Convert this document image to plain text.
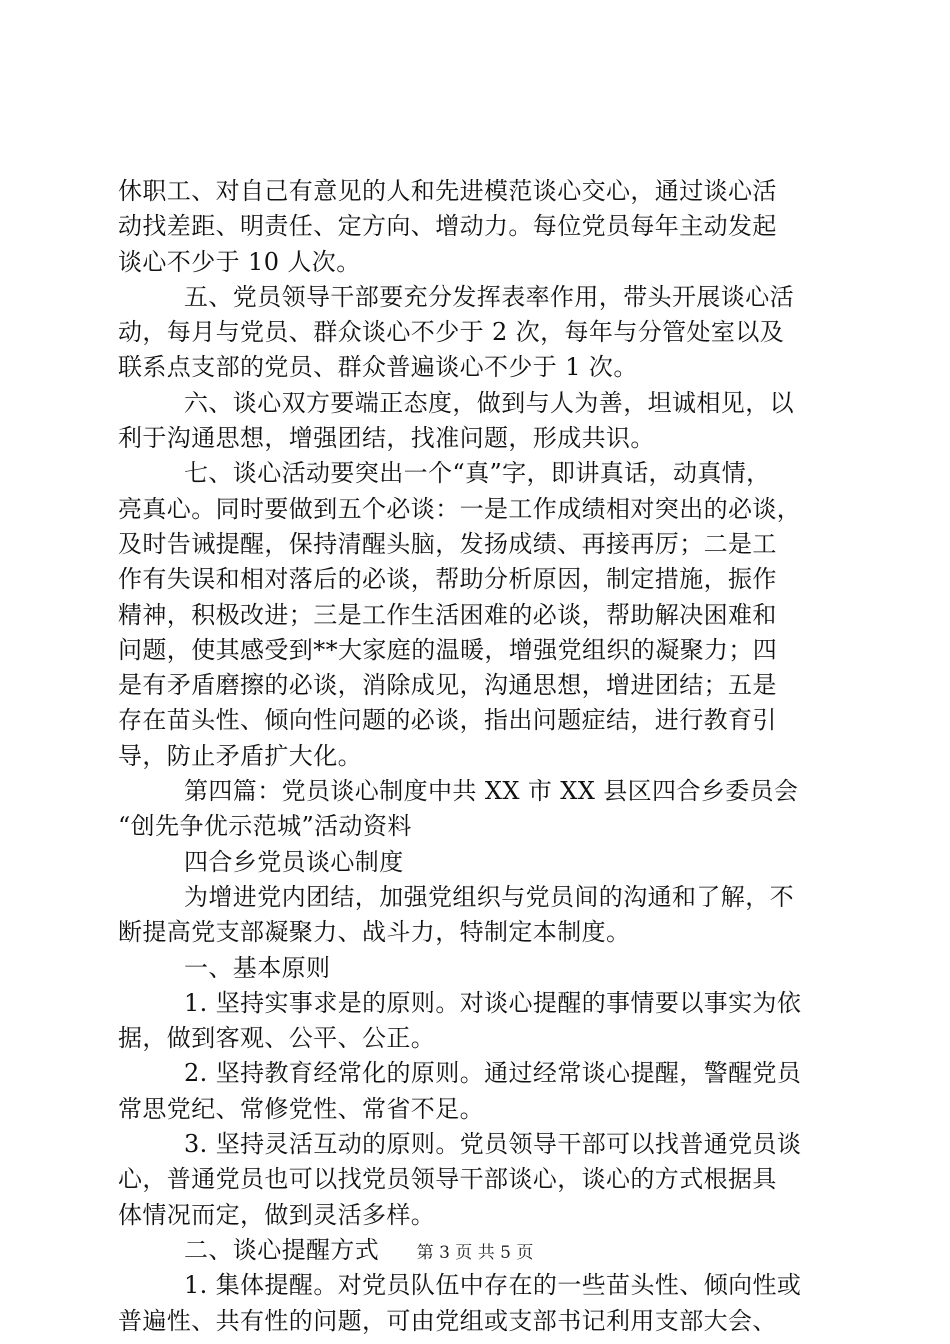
休职工、对自己有意见的人和先进模范谈心交心，通过谈心活
动找差距、明责任、定方向、增动力。每位党员每年主动发起
谈心不少于 10 人次。
五、党员领导干部要充分发挥表率作用，带头开展谈心活
动，每月与党员、群众谈心不少于 2 次，每年与分管处室以及
联系点支部的党员、群众普遍谈心不少于 1 次。
六、谈心双方要端正态度，做到与人为善，坦诚相见，以
利于沟通思想，增强团结，找准问题，形成共识。
七、谈心活动要突出一个“真”字，即讲真话，动真情，
亮真心。同时要做到五个必谈：一是工作成绩相对突出的必谈，
及时告诫提醒，保持清醒头脑，发扬成绩、再接再厉；二是工
作有失误和相对落后的必谈，帮助分析原因，制定措施，振作
精神，积极改进；三是工作生活困难的必谈，帮助解决困难和
问题，使其感受到**大家庭的温暖，增强党组织的凝聚力；四
是有矛盾磨擦的必谈，消除成见，沟通思想，增进团结；五是
存在苗头性、倾向性问题的必谈，指出问题症结，进行教育引
导，防止矛盾扩大化。
第四篇：党员谈心制度中共 XX 市 XX 县区四合乡委员会
“创先争优示范城”活动资料
四合乡党员谈心制度
为增进党内团结，加强党组织与党员间的沟通和了解，不
断提高党支部凝聚力、战斗力，特制定本制度。
一、基本原则
1. 坚持实事求是的原则。对谈心提醒的事情要以事实为依
据，做到客观、公平、公正。
2. 坚持教育经常化的原则。通过经常谈心提醒，警醒党员
常思党纪、常修党性、常省不足。
3. 坚持灵活互动的原则。党员领导干部可以找普通党员谈
心，普通党员也可以找党员领导干部谈心，谈心的方式根据具
体情况而定，做到灵活多样。
二、谈心提醒方式
1. 集体提醒。对党员队伍中存在的一些苗头性、倾向性或
普遍性、共有性的问题，可由党组或支部书记利用支部大会、
第 3 页 共 5 页
